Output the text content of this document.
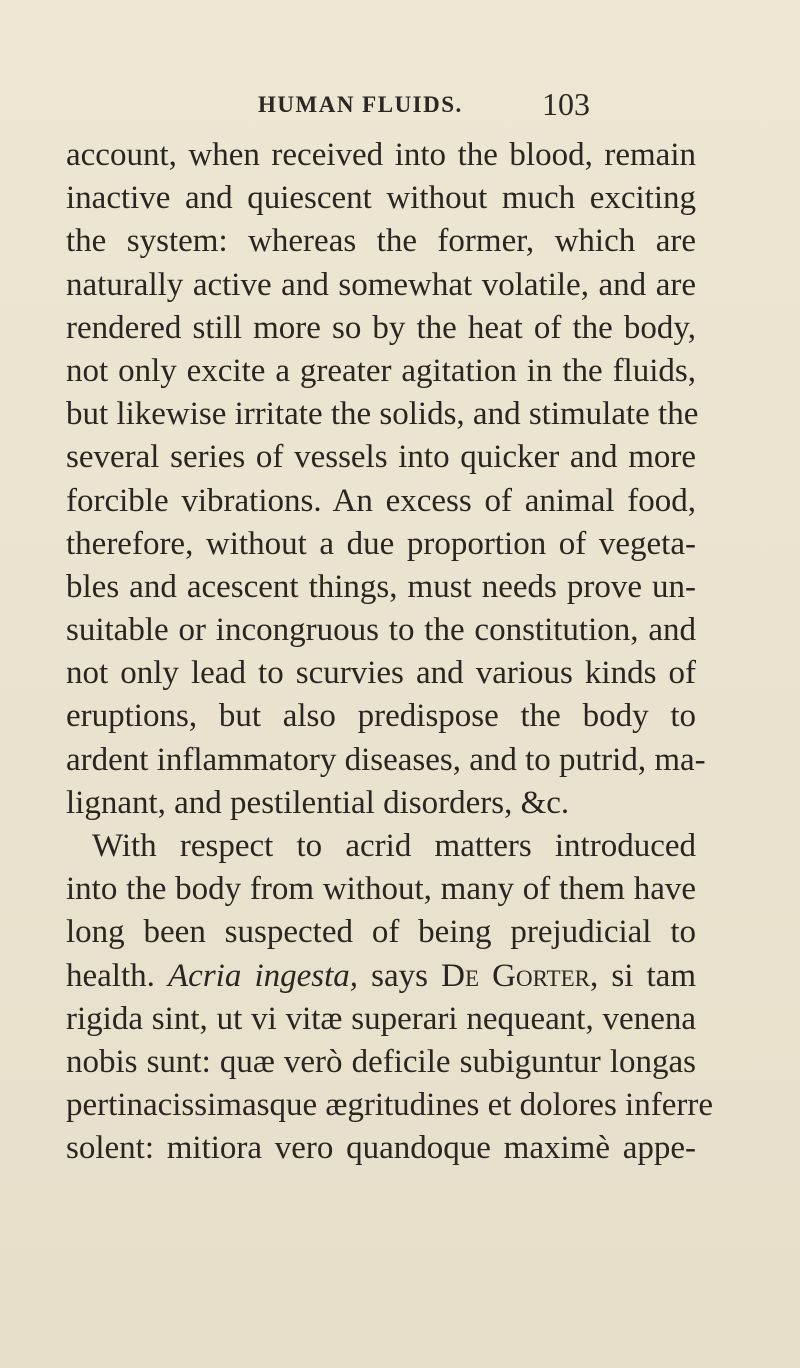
HUMAN FLUIDS. 103
account, when received into the blood, remain
inactive and quiescent without much exciting
the system: whereas the former, which are
naturally active and somewhat volatile, and are
rendered still more so by the heat of the body,
not only excite a greater agitation in the fluids,
but likewise irritate the solids, and stimulate the
several series of vessels into quicker and more
forcible vibrations. An excess of animal food,
therefore, without a due proportion of vegeta-
bles and acescent things, must needs prove un-
suitable or incongruous to the constitution, and
not only lead to scurvies and various kinds of
eruptions, but also predispose the body to
ardent inflammatory diseases, and to putrid, ma-
lignant, and pestilential disorders, &c.
With respect to acrid matters introduced
into the body from without, many of them have
long been suspected of being prejudicial to
health. Acria ingesta, says De Gorter, si tam
rigida sint, ut vi vitæ superari nequeant, venena
nobis sunt: quæ verò deficile subiguntur longas
pertinacissimasque ægritudines et dolores inferre
solent: mitiora vero quandoque maximè appe-
